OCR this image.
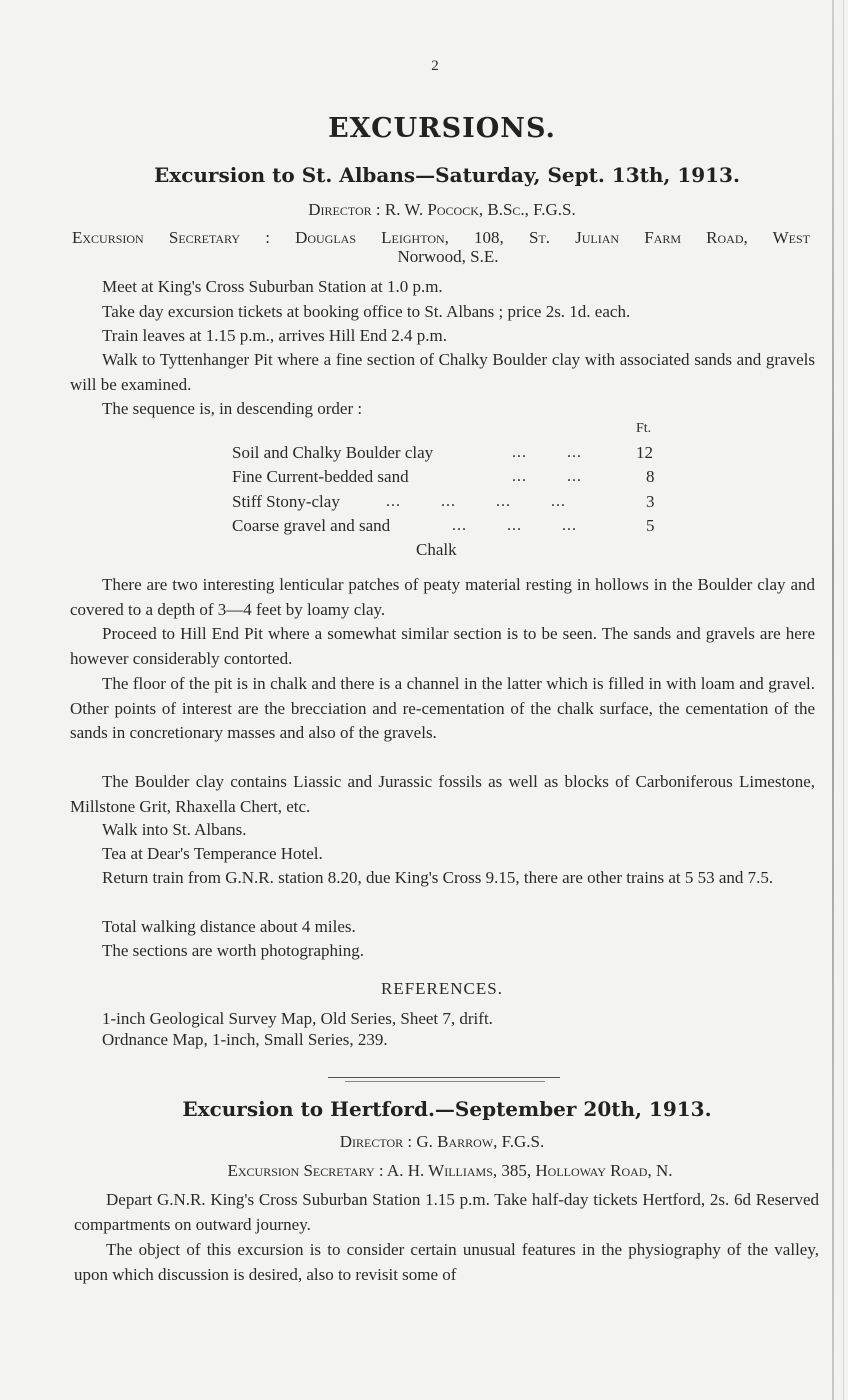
2
EXCURSIONS.
Excursion to St. Albans—Saturday, Sept. 13th, 1913.
Director : R. W. Pocock, B.Sc., F.G.S.
Excursion Secretary : Douglas Leighton, 108, St. Julian Farm Road, West
Norwood, S.E.
Meet at King's Cross Suburban Station at 1.0 p.m.
Take day excursion tickets at booking office to St. Albans ; price 2s. 1d. each.
Train leaves at 1.15 p.m., arrives Hill End 2.4 p.m.
Walk to Tyttenhanger Pit where a fine section of Chalky Boulder clay with associated sands and gravels will be examined.
The sequence is, in descending order :
Ft.
Soil and Chalky Boulder clay	...        ...	12
Fine Current-bedded sand	...        ...	8
Stiff Stony-clay	...        ...        ...        ...	3
Coarse gravel and sand	...        ...        ...	5
Chalk
There are two interesting lenticular patches of peaty material resting in hollows in the Boulder clay and covered to a depth of 3—4 feet by loamy clay.
Proceed to Hill End Pit where a somewhat similar section is to be seen. The sands and gravels are here however considerably contorted.
The floor of the pit is in chalk and there is a channel in the latter which is filled in with loam and gravel. Other points of interest are the brecciation and re-cementation of the chalk surface, the cementation of the sands in concretionary masses and also of the gravels.
The Boulder clay contains Liassic and Jurassic fossils as well as blocks of Carboniferous Limestone, Millstone Grit, Rhaxella Chert, etc.
Walk into St. Albans.
Tea at Dear's Temperance Hotel.
Return train from G.N.R. station 8.20, due King's Cross 9.15, there are other trains at 5 53 and 7.5.
Total walking distance about 4 miles.
The sections are worth photographing.
REFERENCES.
1-inch Geological Survey Map, Old Series, Sheet 7, drift.
Ordnance Map, 1-inch, Small Series, 239.
Excursion to Hertford.—September 20th, 1913.
Director : G. Barrow, F.G.S.
Excursion Secretary : A. H. Williams, 385, Holloway Road, N.
Depart G.N.R. King's Cross Suburban Station 1.15 p.m. Take half-day tickets Hertford, 2s. 6d Reserved compartments on outward journey.
The object of this excursion is to consider certain unusual features in the physiography of the valley, upon which discussion is desired, also to revisit some of
